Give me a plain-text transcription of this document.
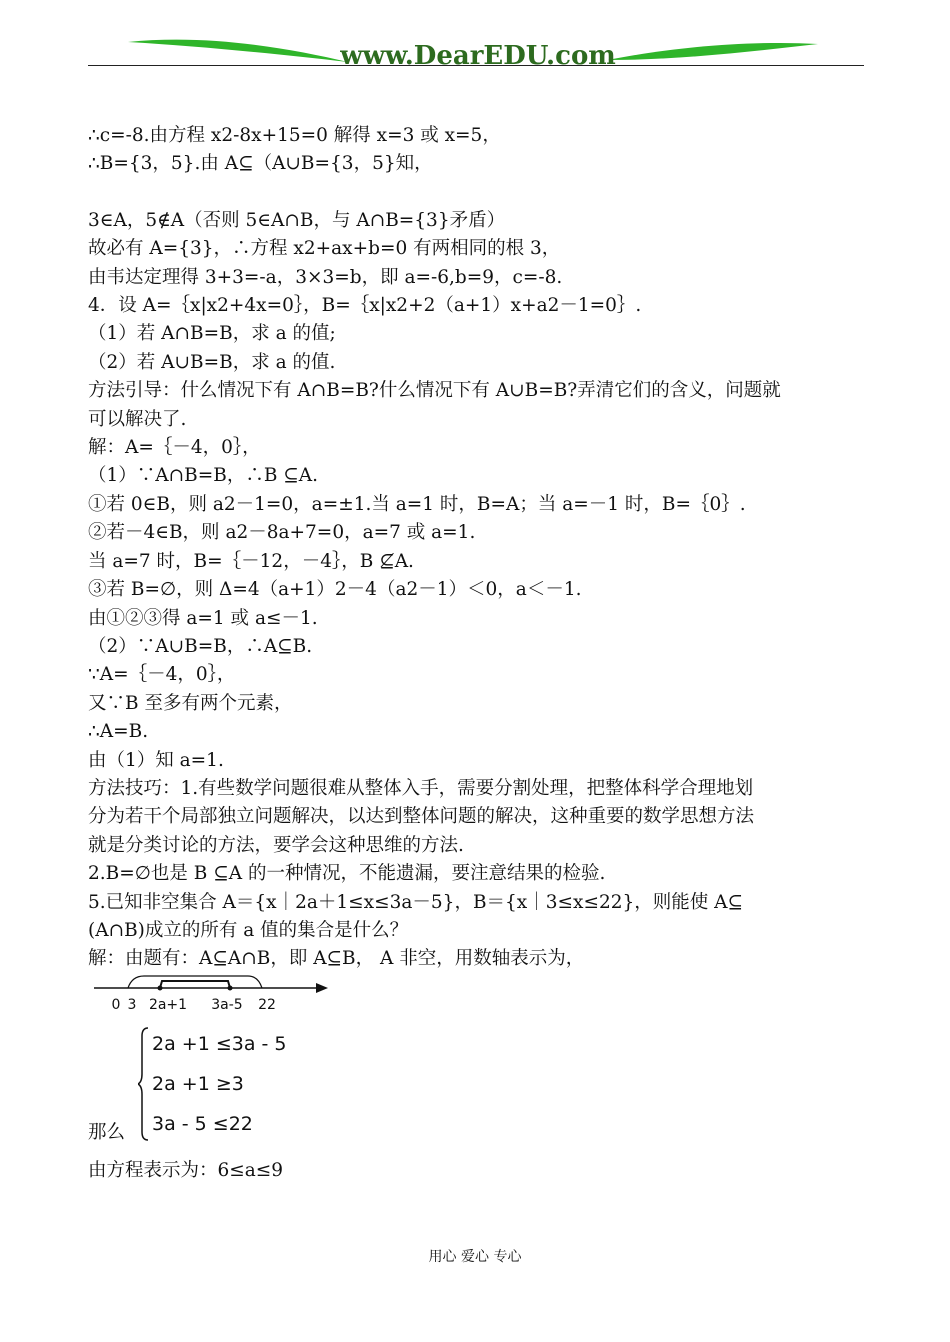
www.DearEDU.com
∴c=-8.由方程 x2-8x+15=0 解得 x=3 或 x=5，
∴B={3，5}.由 A⊆（A∪B={3，5}知，
3∈A，5∉A（否则 5∈A∩B，与 A∩B={3}矛盾）
故必有 A={3}，∴方程 x2+ax+b=0 有两相同的根 3，
由韦达定理得 3+3=-a，3×3=b，即 a=-6,b=9，c=-8.
4．设 A=｛x|x2+4x=0｝，B=｛x|x2+2（a+1）x+a2－1=0｝.
（1）若 A∩B=B，求 a 的值;
（2）若 A∪B=B，求 a 的值.
方法引导：什么情况下有 A∩B=B?什么情况下有 A∪B=B?弄清它们的含义，问题就
可以解决了.
解：A=｛－4，0｝，
（1）∵A∩B=B，∴B ⊆A.
①若 0∈B，则 a2－1=0，a=±1.当 a=1 时，B=A；当 a=－1 时，B=｛0｝.
②若－4∈B，则 a2－8a+7=0，a=7 或 a=1.
当 a=7 时，B=｛－12，－4｝，B ⊈A.
③若 B=∅，则 Δ=4（a+1）2－4（a2－1）＜0，a＜－1.
由①②③得 a=1 或 a≤－1.
（2）∵A∪B=B，∴A⊆B.
∵A=｛－4，0｝，
又∵B 至多有两个元素，
∴A=B.
由（1）知 a=1.
方法技巧：1.有些数学问题很难从整体入手，需要分割处理，把整体科学合理地划
分为若干个局部独立问题解决，以达到整体问题的解决，这种重要的数学思想方法
就是分类讨论的方法，要学会这种思维的方法.
2.B=∅也是 B ⊆A 的一种情况，不能遗漏，要注意结果的检验.
5.已知非空集合 A＝{x｜2a＋1≤x≤3a－5}，B＝{x｜3≤x≤22}，则能使 A⊆
(A∩B)成立的所有 a 值的集合是什么？
解：由题有：A⊆A∩B，即 A⊆B， A 非空，用数轴表示为，
0 3 2a+1 3a-5 22
那么
2a +1 ≤3a - 5
2a +1 ≥3
3a - 5 ≤22
由方程表示为：6≤a≤9
用心 爱心 专心
